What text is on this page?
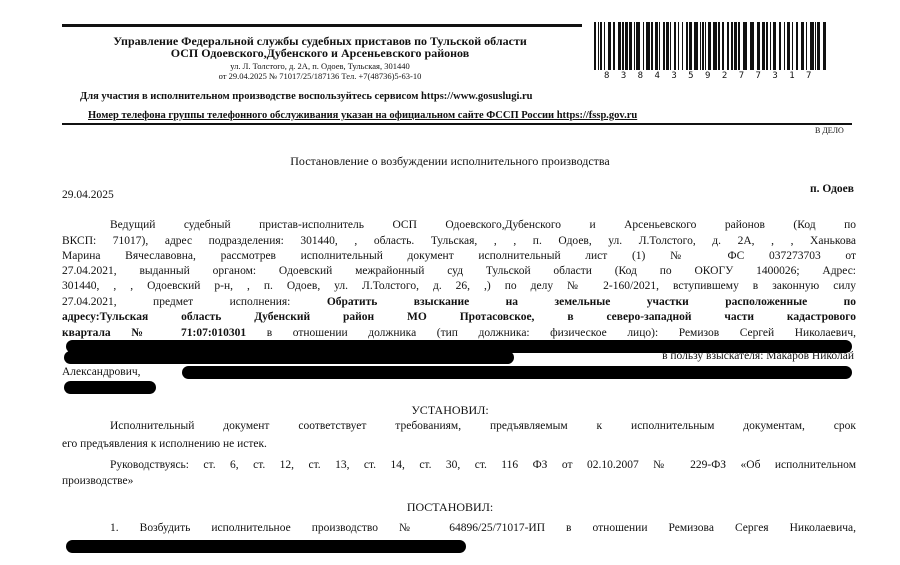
Управление Федеральной службы судебных приставов по Тульской области
ОСП Одоевского,Дубенского и Арсеньевского районов
ул. Л. Толстого, д. 2А, п. Одоев, Тульская, 301440
от 29.04.2025 № 71017/25/187136 Тел. +7(48736)5-63-10	8 3 8 4 3 5 9 2 7 7 3 1 7
Для участия в исполнительном производстве воспользуйтесь сервисом https://www.gosuslugi.ru
Номер телефона группы телефонного обслуживания указан на официальном сайте ФССП России https://fssp.gov.ru
В ДЕЛО
Постановление о возбуждении исполнительного производства
29.04.2025	п. Одоев
Ведущий судебный пристав-исполнитель ОСП Одоевского,Дубенского и Арсеньевского районов (Код по
ВКСП: 71017), адрес подразделения: 301440, , область. Тульская, , , п. Одоев, ул. Л.Толстого, д. 2А, , , Ханькова
Марина Вячеславовна, рассмотрев исполнительный документ исполнительный лист (1) № ФС 037273703 от
27.04.2021, выданный органом: Одоевский межрайонный суд Тульской области (Код по ОКОГУ 1400026; Адрес:
301440, , , Одоевский р-н, , п. Одоев, ул. Л.Толстого, д. 26, ,) по делу № 2-160/2021, вступившему в законную силу
27.04.2021, предмет исполнения: Обратить взыскание на земельные участки расположенные по
адресу:Тульская область Дубенский район МО Протасовское, в северо-западной части кадастрового
квартала № 71:07:010301 в отношении должника (тип должника: физическое лицо): Ремизов Сергей Николаевич,
в пользу взыскателя: Макаров Николай
Александрович,
УСТАНОВИЛ:
Исполнительный документ соответствует требованиям, предъявляемым к исполнительным документам, срок
его предъявления к исполнению не истек.
Руководствуясь: ст. 6, ст. 12, ст. 13, ст. 14, ст. 30, ст. 116 ФЗ от 02.10.2007 № 229-ФЗ «Об исполнительном
производстве»
ПОСТАНОВИЛ:
1. Возбудить исполнительное производство № 64896/25/71017-ИП в отношении Ремизова Сергея Николаевича,
